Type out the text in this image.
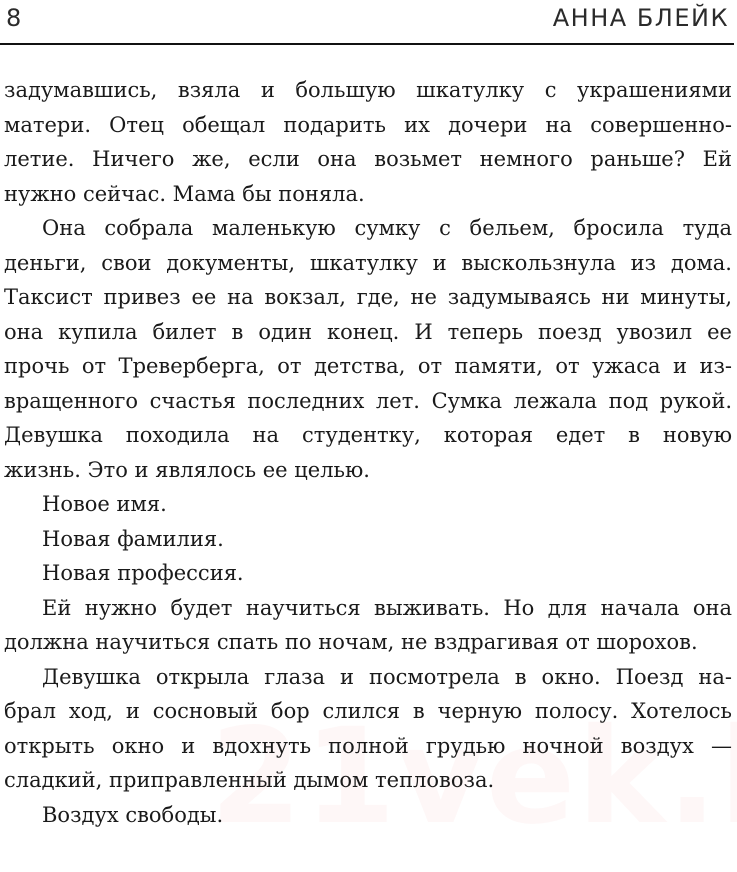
8	АННА БЛЕЙК
задумавшись, взяла и большую шкатулку с украшениями
матери. Отец обещал подарить их дочери на совершенно-
летие. Ничего же, если она возьмет немного раньше? Ей
нужно сейчас. Мама бы поняла.
Она собрала маленькую сумку с бельем, бросила туда
деньги, свои документы, шкатулку и выскользнула из дома.
Таксист привез ее на вокзал, где, не задумываясь ни минуты,
она купила билет в один конец. И теперь поезд увозил ее
прочь от Треверберга, от детства, от памяти, от ужаса и из-
вращенного счастья последних лет. Сумка лежала под рукой.
Девушка походила на студентку, которая едет в новую
жизнь. Это и являлось ее целью.
Новое имя.
Новая фамилия.
Новая профессия.
Ей нужно будет научиться выживать. Но для начала она
должна научиться спать по ночам, не вздрагивая от шорохов.
Девушка открыла глаза и посмотрела в окно. Поезд на-
брал ход, и сосновый бор слился в черную полосу. Хотелось
открыть окно и вдохнуть полной грудью ночной воздух —
сладкий, приправленный дымом тепловоза.
Воздух свободы.
